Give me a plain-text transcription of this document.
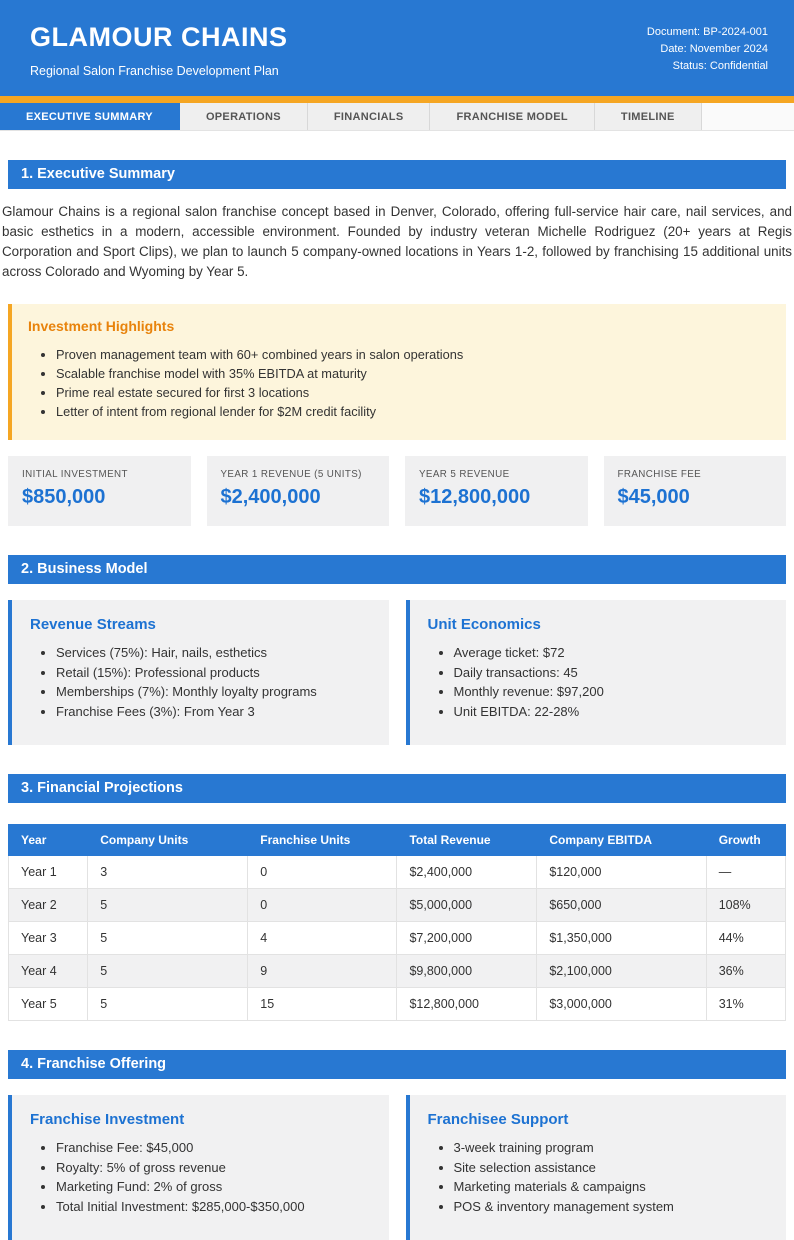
GLAMOUR CHAINS
Regional Salon Franchise Development Plan
Document: BP-2024-001
Date: November 2024
Status: Confidential
EXECUTIVE SUMMARY	OPERATIONS	FINANCIALS	FRANCHISE MODEL	TIMELINE
1. Executive Summary

Glamour Chains is a regional salon franchise concept based in Denver, Colorado, offering full-service hair care, nail services, and basic esthetics in a modern, accessible environment. Founded by industry veteran Michelle Rodriguez (20+ years at Regis Corporation and Sport Clips), we plan to launch 5 company-owned locations in Years 1-2, followed by franchising 15 additional units across Colorado and Wyoming by Year 5.

Investment Highlights
• Proven management team with 60+ combined years in salon operations
• Scalable franchise model with 35% EBITDA at maturity
• Prime real estate secured for first 3 locations
• Letter of intent from regional lender for $2M credit facility
INITIAL INVESTMENT
$850,000
YEAR 1 REVENUE (5 UNITS)
$2,400,000
YEAR 5 REVENUE
$12,800,000
FRANCHISE FEE
$45,000
2. Business Model
Revenue Streams
• Services (75%): Hair, nails, esthetics
• Retail (15%): Professional products
• Memberships (7%): Monthly loyalty programs
• Franchise Fees (3%): From Year 3
Unit Economics
• Average ticket: $72
• Daily transactions: 45
• Monthly revenue: $97,200
• Unit EBITDA: 22-28%
3. Financial Projections
Year	Company Units	Franchise Units	Total Revenue	Company EBITDA	Growth
Year 1	3	0	$2,400,000	$120,000	—
Year 2	5	0	$5,000,000	$650,000	108%
Year 3	5	4	$7,200,000	$1,350,000	44%
Year 4	5	9	$9,800,000	$2,100,000	36%
Year 5	5	15	$12,800,000	$3,000,000	31%
4. Franchise Offering
Franchise Investment
• Franchise Fee: $45,000
• Royalty: 5% of gross revenue
• Marketing Fund: 2% of gross
• Total Initial Investment: $285,000-$350,000
Franchisee Support
• 3-week training program
• Site selection assistance
• Marketing materials & campaigns
• POS & inventory management system
